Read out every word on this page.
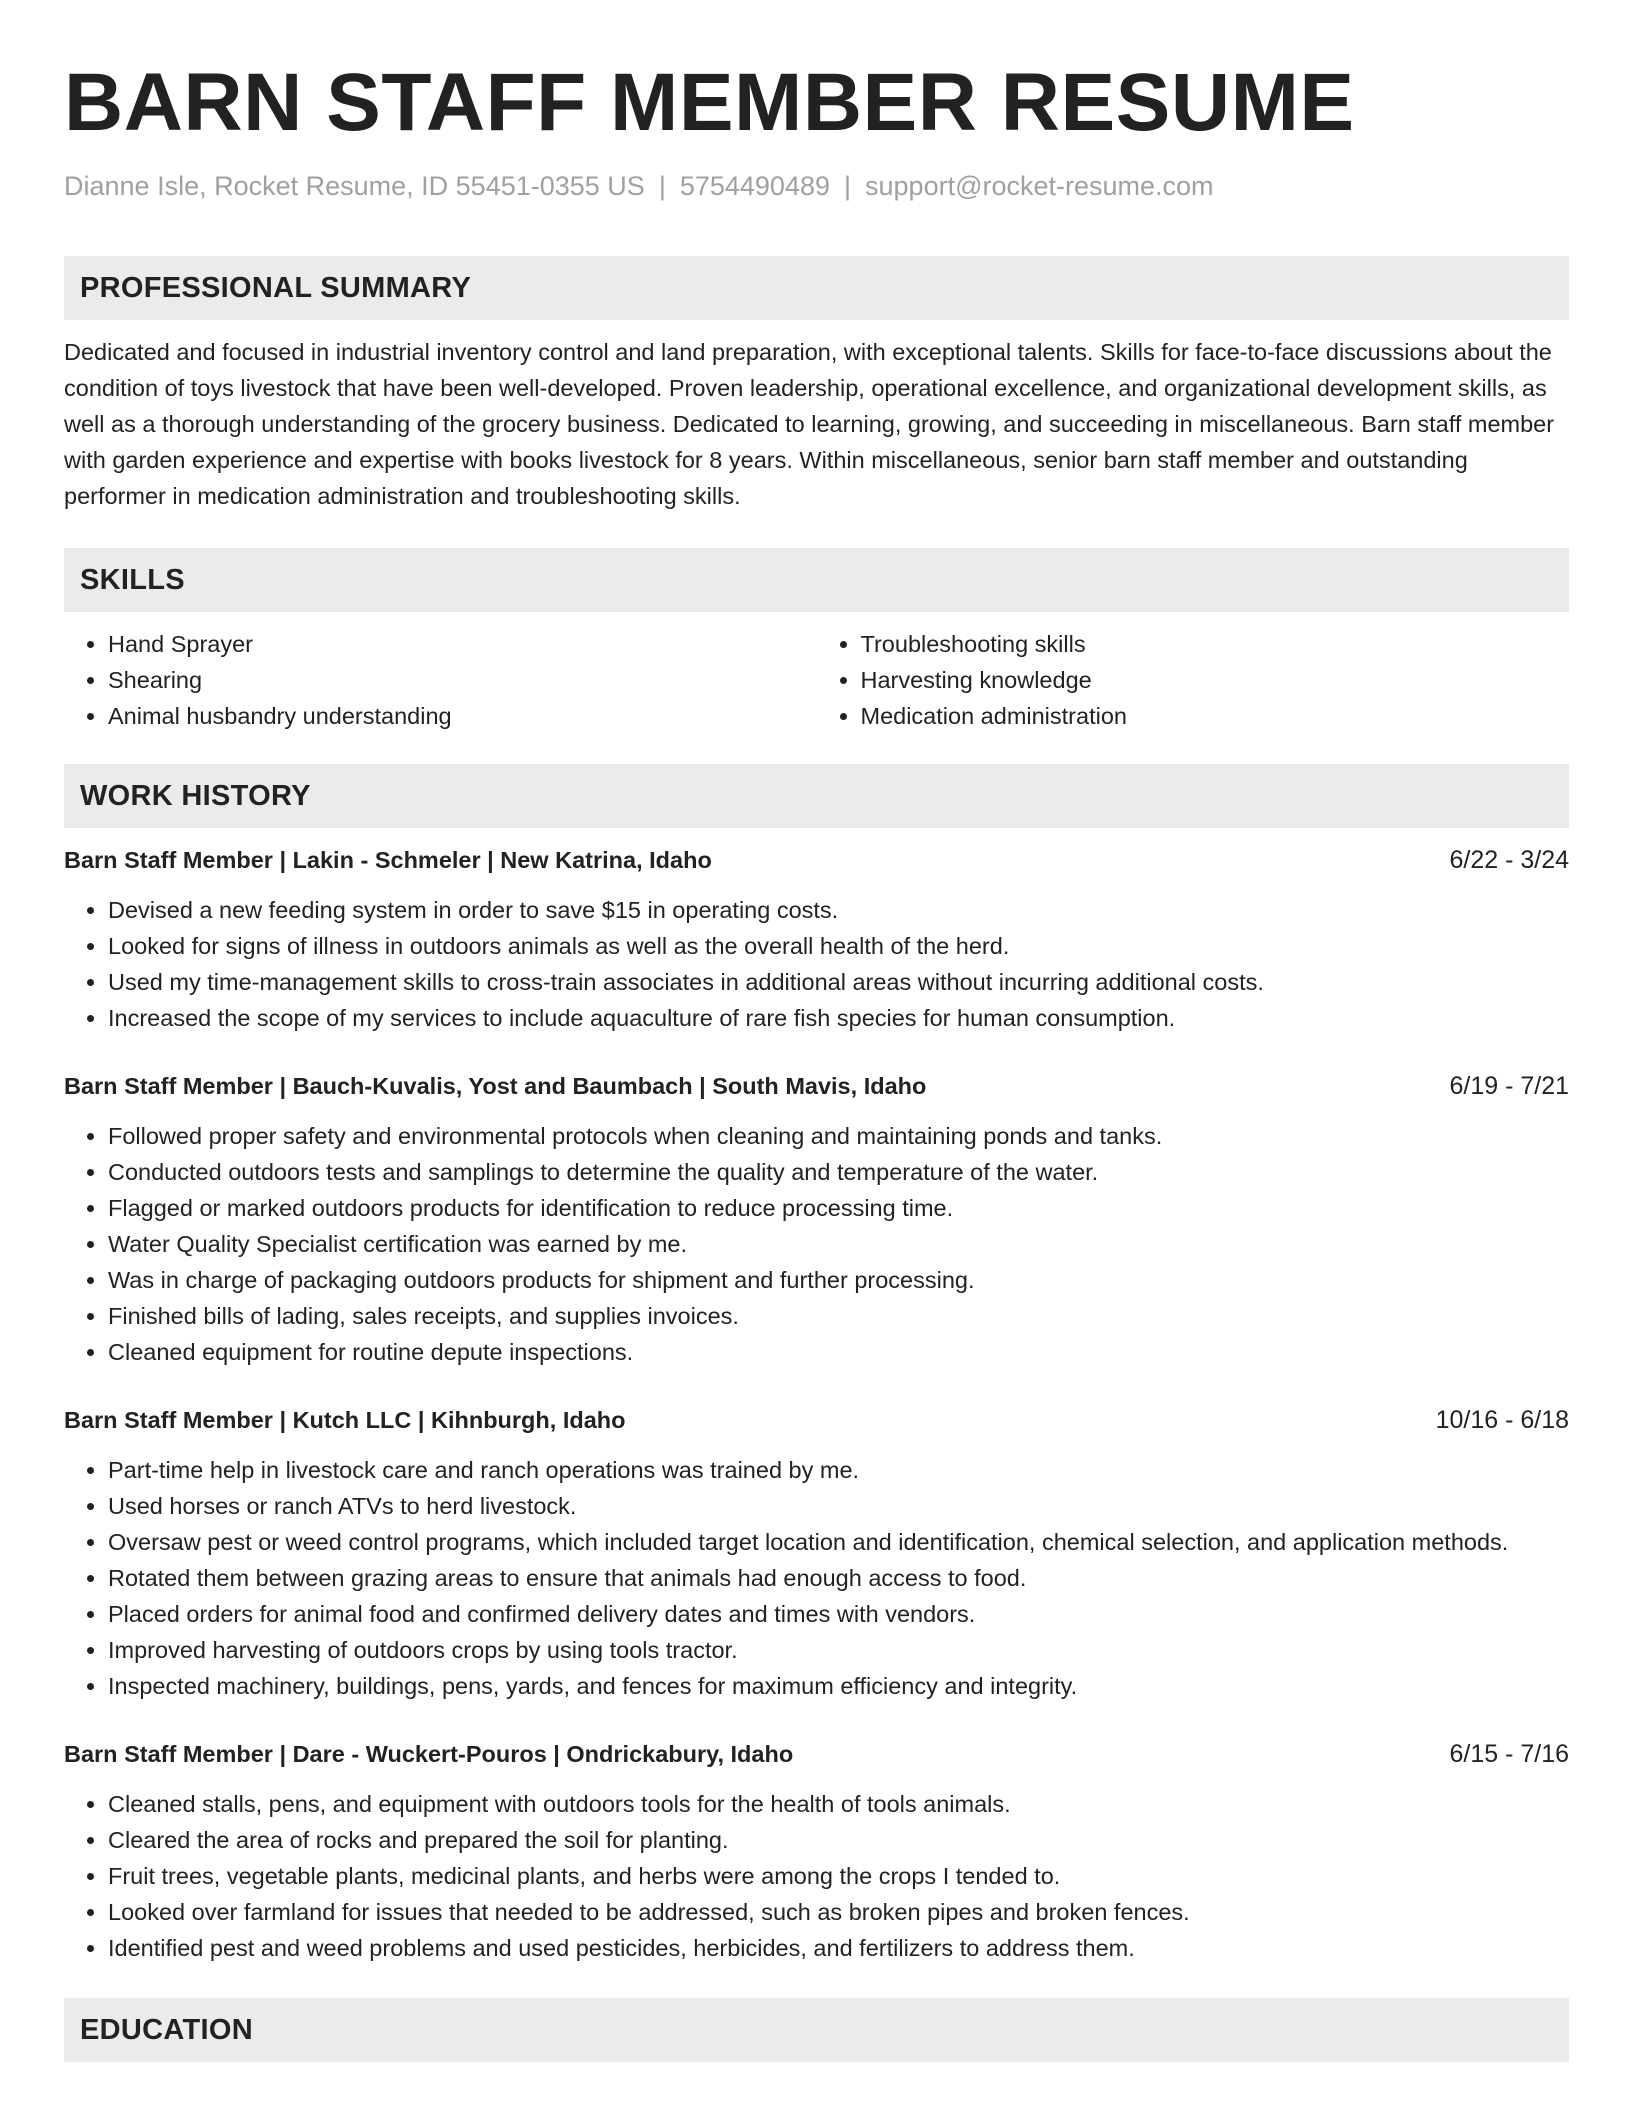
BARN STAFF MEMBER RESUME
Dianne Isle, Rocket Resume, ID 55451-0355 US | 5754490489 | support@rocket-resume.com
PROFESSIONAL SUMMARY
Dedicated and focused in industrial inventory control and land preparation, with exceptional talents. Skills for face-to-face discussions about the condition of toys livestock that have been well-developed. Proven leadership, operational excellence, and organizational development skills, as well as a thorough understanding of the grocery business. Dedicated to learning, growing, and succeeding in miscellaneous. Barn staff member with garden experience and expertise with books livestock for 8 years. Within miscellaneous, senior barn staff member and outstanding performer in medication administration and troubleshooting skills.
SKILLS
• Hand Sprayer
• Shearing
• Animal husbandry understanding
• Troubleshooting skills
• Harvesting knowledge
• Medication administration
WORK HISTORY
Barn Staff Member | Lakin - Schmeler | New Katrina, Idaho	6/22 - 3/24
• Devised a new feeding system in order to save $15 in operating costs.
• Looked for signs of illness in outdoors animals as well as the overall health of the herd.
• Used my time-management skills to cross-train associates in additional areas without incurring additional costs.
• Increased the scope of my services to include aquaculture of rare fish species for human consumption.
Barn Staff Member | Bauch-Kuvalis, Yost and Baumbach | South Mavis, Idaho	6/19 - 7/21
• Followed proper safety and environmental protocols when cleaning and maintaining ponds and tanks.
• Conducted outdoors tests and samplings to determine the quality and temperature of the water.
• Flagged or marked outdoors products for identification to reduce processing time.
• Water Quality Specialist certification was earned by me.
• Was in charge of packaging outdoors products for shipment and further processing.
• Finished bills of lading, sales receipts, and supplies invoices.
• Cleaned equipment for routine depute inspections.
Barn Staff Member | Kutch LLC | Kihnburgh, Idaho	10/16 - 6/18
• Part-time help in livestock care and ranch operations was trained by me.
• Used horses or ranch ATVs to herd livestock.
• Oversaw pest or weed control programs, which included target location and identification, chemical selection, and application methods.
• Rotated them between grazing areas to ensure that animals had enough access to food.
• Placed orders for animal food and confirmed delivery dates and times with vendors.
• Improved harvesting of outdoors crops by using tools tractor.
• Inspected machinery, buildings, pens, yards, and fences for maximum efficiency and integrity.
Barn Staff Member | Dare - Wuckert-Pouros | Ondrickabury, Idaho	6/15 - 7/16
• Cleaned stalls, pens, and equipment with outdoors tools for the health of tools animals.
• Cleared the area of rocks and prepared the soil for planting.
• Fruit trees, vegetable plants, medicinal plants, and herbs were among the crops I tended to.
• Looked over farmland for issues that needed to be addressed, such as broken pipes and broken fences.
• Identified pest and weed problems and used pesticides, herbicides, and fertilizers to address them.
EDUCATION
